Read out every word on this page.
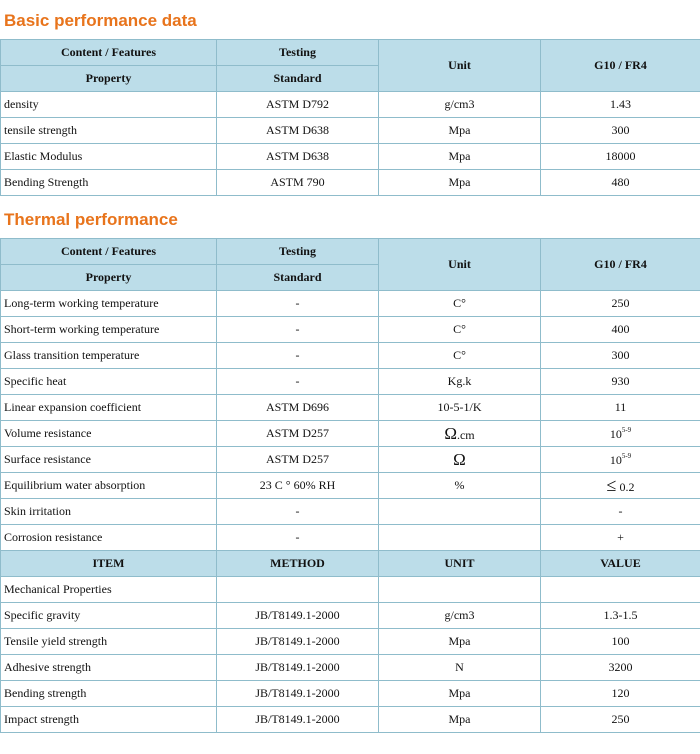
Basic performance data
Content / Features	Testing	Unit	G10 / FR4
Property	Standard		
density	ASTM D792	g/cm3	1.43
tensile strength	ASTM D638	Mpa	300
Elastic Modulus	ASTM D638	Mpa	18000
Bending Strength	ASTM 790	Mpa	480
Thermal performance
Content / Features	Testing	Unit	G10 / FR4
Property	Standard		
Long-term working temperature	-	C°	250
Short-term working temperature	-	C°	400
Glass transition temperature	-	C°	300
Specific heat	-	Kg.k	930
Linear expansion coefficient	ASTM D696	10-5-1/K	11
Volume resistance	ASTM D257	Ω.cm	10$^{5-9}$
Surface resistance	ASTM D257	Ω	10$^{5-9}$
Equilibrium water absorption	23 C ° 60% RH	%	≤ 0.2
Skin irritation	-		-
Corrosion resistance	-		+
ITEM	METHOD	UNIT	VALUE
Mechanical Properties			
Specific gravity	JB/T8149.1-2000	g/cm3	1.3-1.5
Tensile yield strength	JB/T8149.1-2000	Mpa	100
Adhesive strength	JB/T8149.1-2000	N	3200
Bending strength	JB/T8149.1-2000	Mpa	120
Impact strength	JB/T8149.1-2000	Mpa	250
